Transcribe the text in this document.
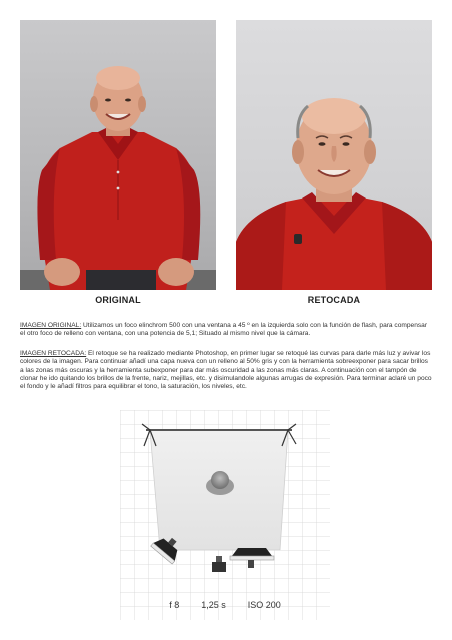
ORIGINAL	RETOCADA

IMAGEN ORIGINAL: Utilizamos un foco elinchrom 500 con una ventana a 45 º en la izquierda solo con la función de flash, para compensar el otro foco de relleno con ventana, con una potencia de 5,1; Situado al mismo nivel que la cámara.

IMAGEN RETOCADA: El retoque se ha realizado mediante Photoshop, en primer lugar se retoqué las curvas para darle más luz y avivar los colores de la imagen. Para continuar añadí una capa nueva con un relleno al 50% gris y con la herramienta sobreexponer para sacar brillos a las zonas más oscuras y la herramienta subexponer para dar más oscuridad a las zonas más claras. A continuación con el tampón de clonar he ido quitando los brillos de la frente, nariz, mejillas, etc. y disimulandole algunas arrugas de expresión. Para terminar aclaré un poco el fondo y le añadí filtros para equilibrar el tono, la saturación, los niveles, etc.

f 8 1,25 s ISO 200
